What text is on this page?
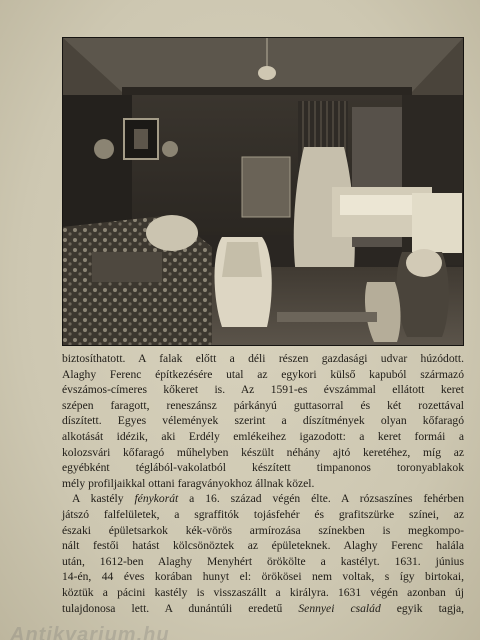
biztosíthatott. A falak előtt a déli részen gazdasági udvar húzódott.
Alaghy Ferenc építkezésére utal az egykori külső kapuból származó
évszámos-címeres kőkeret is. Az 1591-es évszámmal ellátott keret
szépen faragott, reneszánsz párkányú guttasorral és két rozettával
díszített. Egyes vélemények szerint a díszítmények olyan kőfaragó
alkotását idézik, aki Erdély emlékeihez igazodott: a keret formái a
kolozsvári kőfaragó műhelyben készült néhány ajtó keretéhez, míg az
egyébként téglából-vakolatból készített timpanonos toronyablakok
mély profiljaikkal ottani faragványokhoz állnak közel.
A kastély fénykorát a 16. század végén élte. A rózsaszínes fehérben
játszó falfelületek, a sgraffitók tojásfehér és grafitszürke színei, az
északi épületsarkok kék-vörös armírozása színekben is megkompo-
nált festői hatást kölcsönöztek az épületeknek. Alaghy Ferenc halála
után, 1612-ben Alaghy Menyhért örökölte a kastélyt. 1631. június
14-én, 44 éves korában hunyt el: örökösei nem voltak, s így birtokai,
köztük a pácini kastély is visszaszállt a királyra. 1631 végén azonban új
tulajdonosa lett. A dunántúli eredetű Sennyei család egyik tagja,
Antikvarium.hu
